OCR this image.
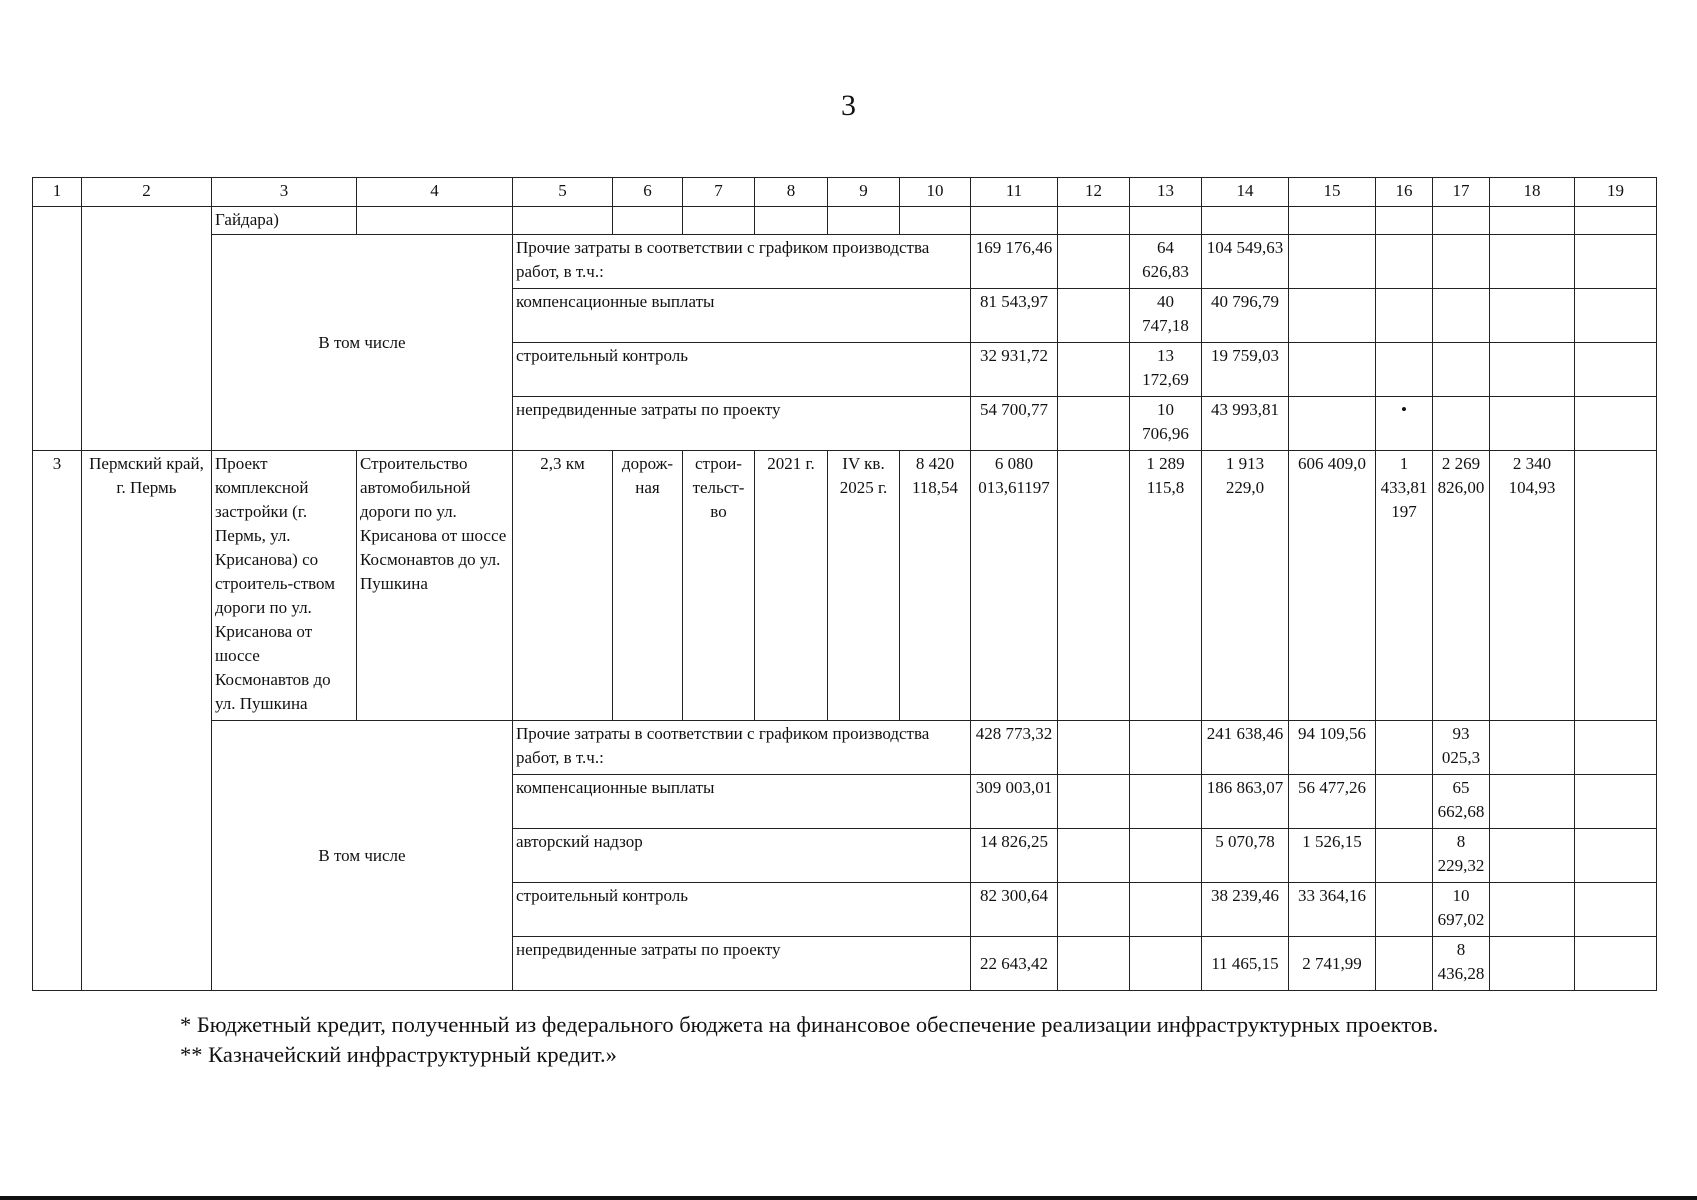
3
1	2	3	4	5	6	7	8	9	10	11	12	13	14	15	16	17	18	19
		Гайдара)																
		В том числе		Прочие затраты в соответствии с графиком производства работ, в т.ч.:						169 176,46		64 626,83	104 549,63					
				компенсационные выплаты						81 543,97		40 747,18	40 796,79					
				строительный контроль						32 931,72		13 172,69	19 759,03					
				непредвиденные затраты по проекту						54 700,77		10 706,96	43 993,81		•			
3	Пермский край, г. Пермь	Проект комплексной застройки (г. Пермь, ул. Крисанова) со строитель-ством дороги по ул. Крисанова от шоссе Космонавтов до ул. Пушкина	Строительство автомобильной дороги по ул. Крисанова от шоссе Космонавтов до ул. Пушкина	2,3 км	дорож-ная	строи-тельст-во	2021 г.	IV кв. 2025 г.	8 420 118,54	6 080 013,61197		1 289 115,8	1 913 229,0	606 409,0	1 433,81197	2 269 826,00	2 340 104,93	
		В том числе		Прочие затраты в соответствии с графиком производства работ, в т.ч.:						428 773,32			241 638,46	94 109,56		93 025,3		
				компенсационные выплаты						309 003,01			186 863,07	56 477,26		65 662,68		
				авторский надзор						14 826,25			5 070,78	1 526,15		8 229,32		
				строительный контроль						82 300,64			38 239,46	33 364,16		10 697,02		
				непредвиденные затраты по проекту						22 643,42			11 465,15	2 741,99		8 436,28		
* Бюджетный кредит, полученный из федерального бюджета на финансовое обеспечение реализации инфраструктурных проектов.
** Казначейский инфраструктурный кредит.»
